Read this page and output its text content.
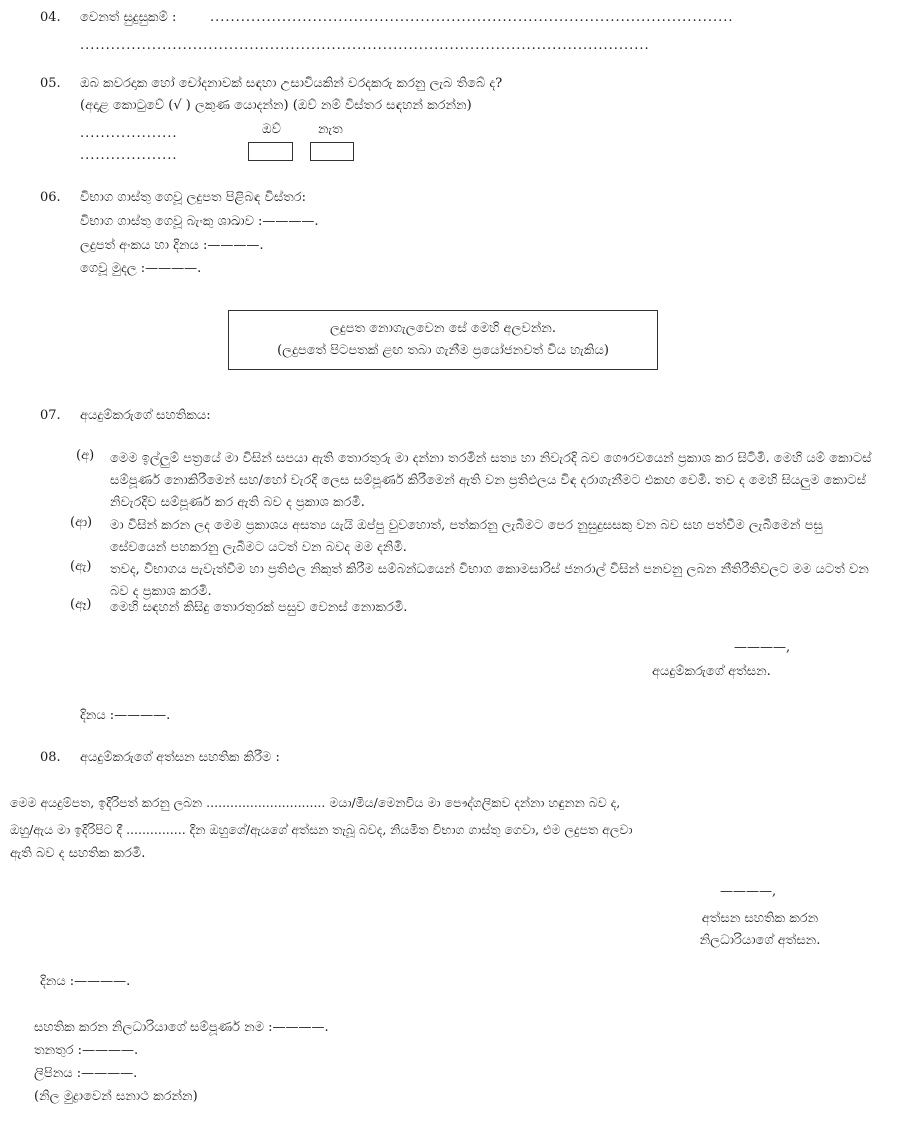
04. වෙනත් සුදුසුකම් :	......................................................................................................
...............................................................................................................
05. ඔබ කවරදාක හෝ චෝදනාවක් සඳහා උසාවියකින් වරදකරු කරනු ලැබ තිබේ ද?
(අදාළ කොටුවේ (√ ) ලකුණ යොදන්න) (ඔව් නම් විස්තර සඳහන් කරන්න)
ඔව්	නැත
...................
...................
06. විභාග ගාස්තු ගෙවූ ලදුපත පිළිබඳ විස්තර:
විභාග ගාස්තු ගෙවූ බැංකු ශාඛාව :————.
ලදුපත් අංකය හා දිනය :————.
ගෙවූ මුදල :————.
ලදුපත නොගැලවෙන සේ මෙහි අලවන්න.
(ලදුපතේ පිටපතක් ළඟ තබා ගැනීම ප්‍රයෝජනවත් විය හැකිය)
07. අයදුම්කරුගේ සහතිකය:
(අ) මෙම ඉල්ලුම් පත්‍රයේ මා විසින් සපයා ඇති තොරතුරු මා දන්නා තරමින් සත්‍ය හා නිවැරදි බව ගෞරවයෙන් ප්‍රකාශ කර සිටිමි. මෙහි යම් කොටස් සම්පූර්ණ නොකිරීමෙන් සහ/හෝ වැරදි ලෙස සම්පූර්ණ කිරීමෙන් ඇති වන ප්‍රතිඵලය විඳ දරාගැනීමට එකඟ වෙමි. තව ද මෙහි සියලුම කොටස් නිවැරදිව සම්පූර්ණ කර ඇති බව ද ප්‍රකාශ කරමි.
(ආ) මා විසින් කරන ලද මෙම ප්‍රකාශය අසත්‍ය යැයි ඔප්පු වුවහොත්, පත්කරනු ලැබීමට පෙර නුසුදුසසකු වන බව සහ පත්වීම ලැබීමෙන් පසු සේවයෙන් පහකරනු ලැබීමට යටත් වන බවද මම දනිමි.
(ඇ) තවද, විභාගය පැවැත්වීම හා ප්‍රතිඵල නිකුත් කිරීම සම්බන්ධයෙන් විභාග කොමසාරිස් ජනරාල් විසින් පනවනු ලබන නීතිරීතිවලට මම යටත් වන බව ද ප්‍රකාශ කරමි.
(ඈ) මෙහි සඳහන් කිසිදු තොරතුරක් පසුව වෙනස් නොකරමි.
————,
අයදුම්කරුගේ අත්සන.
දිනය :————.
08. අයදුම්කරුගේ අත්සන සහතික කිරීම :
මෙම අයදුම්පත, ඉදිරිපත් කරනු ලබන .............................. මයා/මිය/මෙනවිය මා පෞද්ගලිකව දන්නා හඳුනන බව ද,
ඔහු/ඇය මා ඉදිරිපිට දී ............... දින ඔහුගේ/ඇයගේ අත්සන තැබූ බවද, නියමිත විභාග ගාස්තු ගෙවා, එම ලදුපත අලවා
ඇති බව ද සහතික කරමි.
————,
අත්සන සහතික කරන
නිලධාරියාගේ අත්සන.
දිනය :————.
සහතික කරන නිලධාරියාගේ සම්පූර්ණ නම :————.
තනතුර :————.
ලිපිනය :————.
(නිල මුද්‍රාවෙන් සනාථ කරන්න)
